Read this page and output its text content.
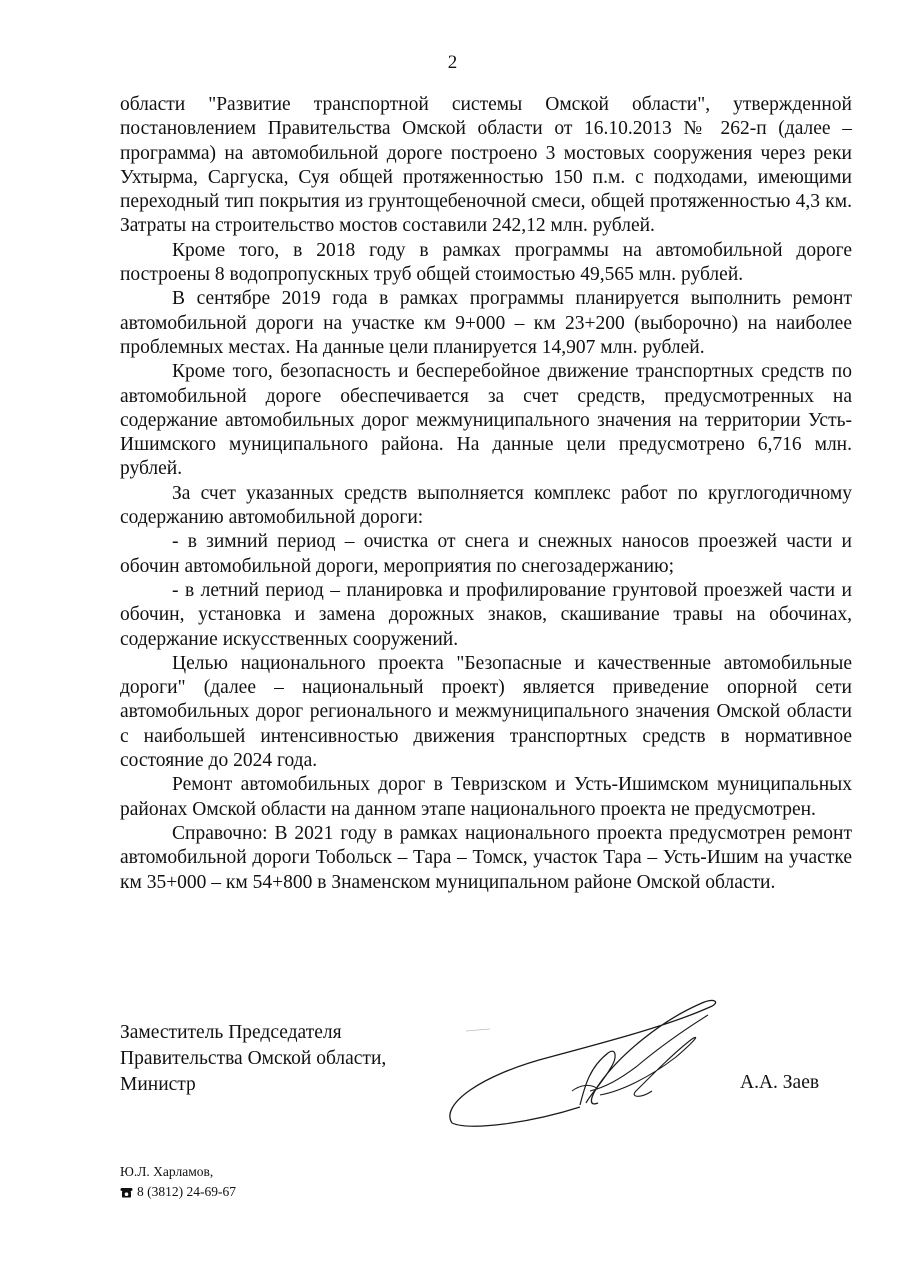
2

области "Развитие транспортной системы Омской области", утвержденной постановлением Правительства Омской области от 16.10.2013 № 262-п (далее – программа) на автомобильной дороге построено 3 мостовых сооружения через реки Ухтырма, Саргуска, Суя общей протяженностью 150 п.м. с подходами, имеющими переходный тип покрытия из грунтощебеночной смеси, общей протяженностью 4,3 км. Затраты на строительство мостов составили 242,12 млн. рублей.

Кроме того, в 2018 году в рамках программы на автомобильной дороге построены 8 водопропускных труб общей стоимостью 49,565 млн. рублей.

В сентябре 2019 года в рамках программы планируется выполнить ремонт автомобильной дороги на участке км 9+000 – км 23+200 (выборочно) на наиболее проблемных местах. На данные цели планируется 14,907 млн. рублей.

Кроме того, безопасность и бесперебойное движение транспортных средств по автомобильной дороге обеспечивается за счет средств, предусмотренных на содержание автомобильных дорог межмуниципального значения на территории Усть-Ишимского муниципального района. На данные цели предусмотрено 6,716 млн. рублей.

За счет указанных средств выполняется комплекс работ по круглогодичному содержанию автомобильной дороги:

- в зимний период – очистка от снега и снежных наносов проезжей части и обочин автомобильной дороги, мероприятия по снегозадержанию;

- в летний период – планировка и профилирование грунтовой проезжей части и обочин, установка и замена дорожных знаков, скашивание травы на обочинах, содержание искусственных сооружений.

Целью национального проекта "Безопасные и качественные автомобильные дороги" (далее – национальный проект) является приведение опорной сети автомобильных дорог регионального и межмуниципального значения Омской области с наибольшей интенсивностью движения транспортных средств в нормативное состояние до 2024 года.

Ремонт автомобильных дорог в Тевризском и Усть-Ишимском муниципальных районах Омской области на данном этапе национального проекта не предусмотрен.

Справочно: В 2021 году в рамках национального проекта предусмотрен ремонт автомобильной дороги Тобольск – Тара – Томск, участок Тара – Усть-Ишим на участке км 35+000 – км 54+800 в Знаменском муниципальном районе Омской области.

Заместитель Председателя
Правительства Омской области,
Министр	А.А. Заев
Ю.Л. Харламов,
8 (3812) 24-69-67
